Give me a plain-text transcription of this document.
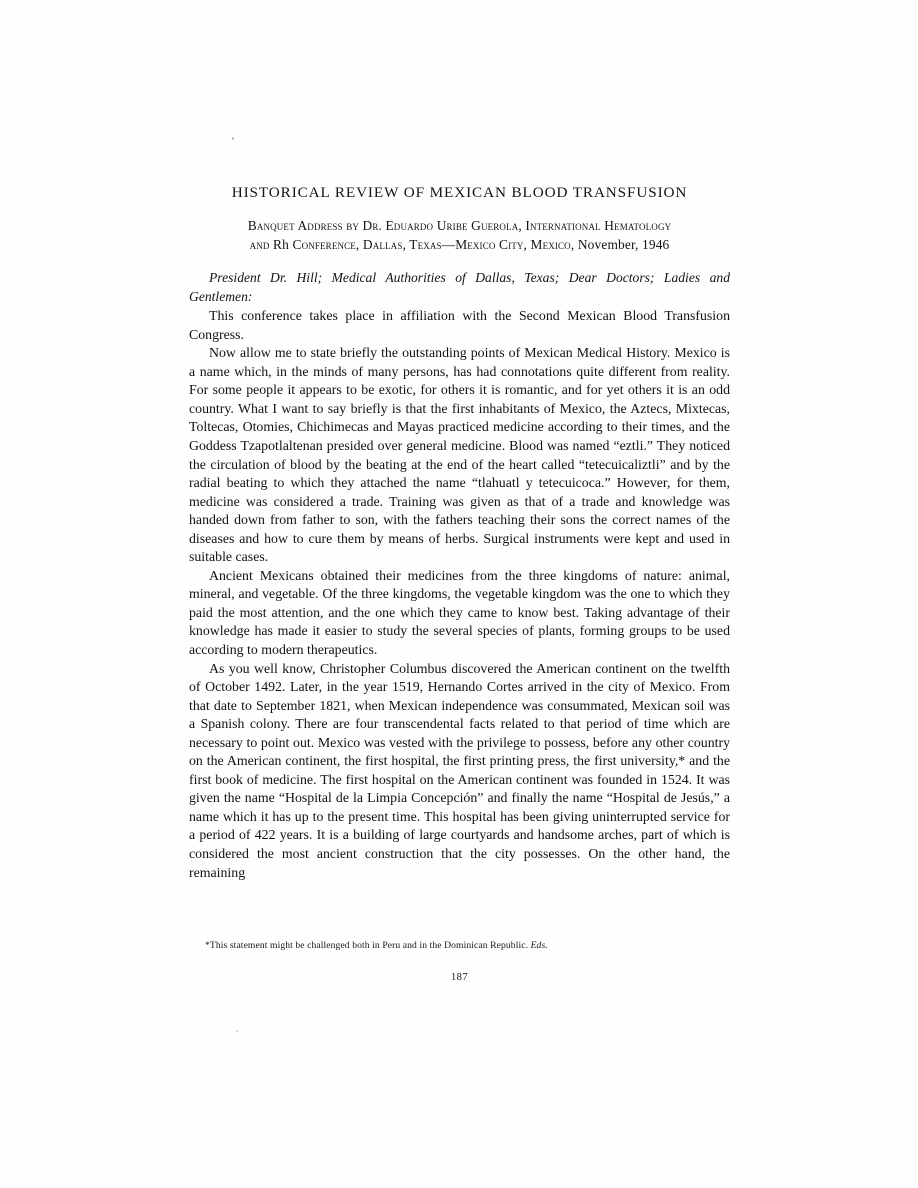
HISTORICAL REVIEW OF MEXICAN BLOOD TRANSFUSION
Banquet Address by Dr. Eduardo Uribe Guerola, International Hematology
and Rh Conference, Dallas, Texas—Mexico City, Mexico, November, 1946

President Dr. Hill; Medical Authorities of Dallas, Texas; Dear Doctors; Ladies and Gentlemen:

This conference takes place in affiliation with the Second Mexican Blood Transfusion Congress.

Now allow me to state briefly the outstanding points of Mexican Medical History. Mexico is a name which, in the minds of many persons, has had connotations quite different from reality. For some people it appears to be exotic, for others it is romantic, and for yet others it is an odd country. What I want to say briefly is that the first inhabitants of Mexico, the Aztecs, Mixtecas, Toltecas, Otomies, Chichimecas and Mayas practiced medicine according to their times, and the Goddess Tzapotlaltenan presided over general medicine. Blood was named “eztli.” They noticed the circulation of blood by the beating at the end of the heart called “tetecuicaliztli” and by the radial beating to which they attached the name “tlahuatl y tetecuicoca.” However, for them, medicine was considered a trade. Training was given as that of a trade and knowledge was handed down from father to son, with the fathers teaching their sons the correct names of the diseases and how to cure them by means of herbs. Surgical instruments were kept and used in suitable cases.

Ancient Mexicans obtained their medicines from the three kingdoms of nature: animal, mineral, and vegetable. Of the three kingdoms, the vegetable kingdom was the one to which they paid the most attention, and the one which they came to know best. Taking advantage of their knowledge has made it easier to study the several species of plants, forming groups to be used according to modern therapeutics.

As you well know, Christopher Columbus discovered the American continent on the twelfth of October 1492. Later, in the year 1519, Hernando Cortes arrived in the city of Mexico. From that date to September 1821, when Mexican independence was consummated, Mexican soil was a Spanish colony. There are four transcendental facts related to that period of time which are necessary to point out. Mexico was vested with the privilege to possess, before any other country on the American continent, the first hospital, the first printing press, the first university,* and the first book of medicine. The first hospital on the American continent was founded in 1524. It was given the name “Hospital de la Limpia Concepción” and finally the name “Hospital de Jesús,” a name which it has up to the present time. This hospital has been giving uninterrupted service for a period of 422 years. It is a building of large courtyards and handsome arches, part of which is considered the most ancient construction that the city possesses. On the other hand, the remaining

*This statement might be challenged both in Peru and in the Dominican Republic. Eds.

187
